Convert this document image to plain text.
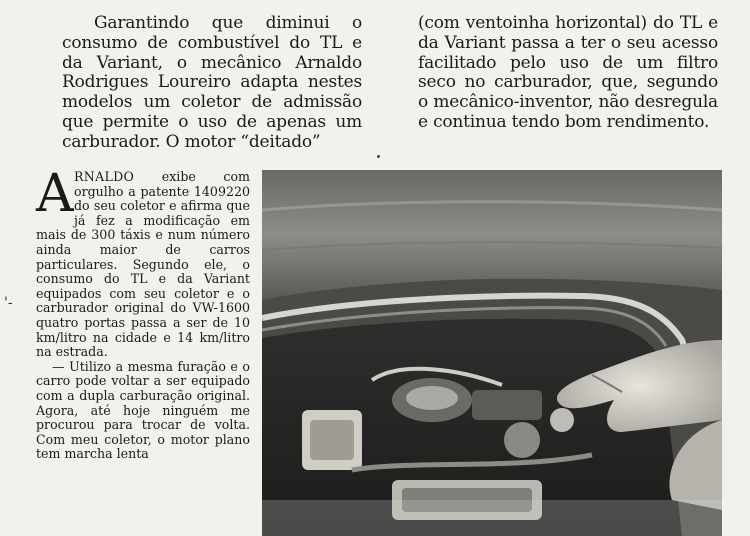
Garantindo que diminui o consumo de combustível do TL e da Variant, o mecânico Arnaldo Rodrigues Loureiro adapta nestes modelos um coletor de admissão que permite o uso de apenas um carburador. O motor “deitado”

(com ventoinha horizontal) do TL e da Variant passa a ter o seu acesso facilitado pelo uso de um filtro seco no carburador, que, segundo o mecânico-inventor, não desregula e continua tendo bom rendimento.

'-
A RNALDO exibe com orgulho a patente 1409220 do seu coletor e afirma que já fez a modificação em mais de 300 táxis e num número ainda maior de carros particulares. Segundo ele, o consumo do TL e da Variant equipados com seu coletor e o carburador original do VW-1600 quatro portas passa a ser de 10 km/litro na cidade e 14 km/litro na estrada.

— Utilizo a mesma furação e o carro pode voltar a ser equipado com a dupla carburação original. Agora, até hoje ninguém me procurou para trocar de volta. Com meu coletor, o motor plano tem marcha lenta
